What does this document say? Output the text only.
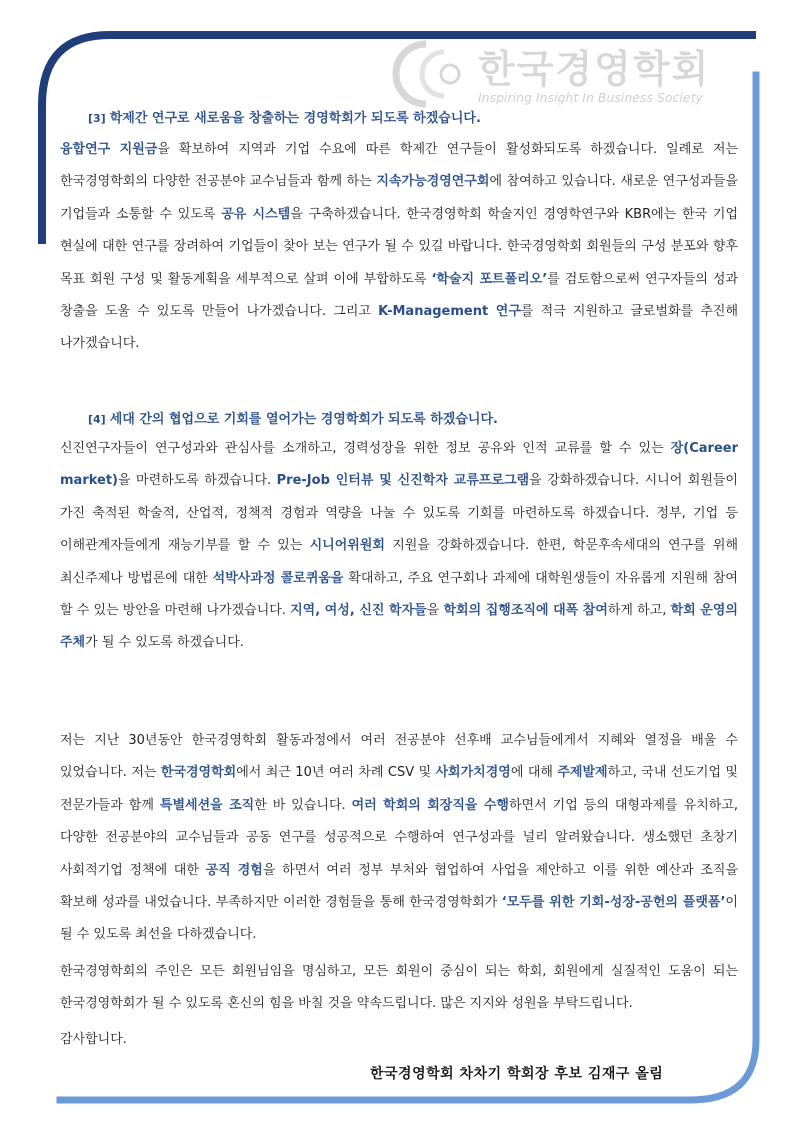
한국경영학회
Inspiring Insight In Business Society
[3] 학제간 연구로 새로움을 창출하는 경영학회가 되도록 하겠습니다.

융합연구 지원금을 확보하여 지역과 기업 수요에 따른 학제간 연구들이 활성화되도록 하겠습니다. 일례로 저는 한국경영학회의 다양한 전공분야 교수님들과 함께 하는 지속가능경영연구회에 참여하고 있습니다. 새로운 연구성과들을 기업들과 소통할 수 있도록 공유 시스템을 구축하겠습니다. 한국경영학회 학술지인 경영학연구와 KBR에는 한국 기업 현실에 대한 연구를 장려하여 기업들이 찾아 보는 연구가 될 수 있길 바랍니다. 한국경영학회 회원들의 구성 분포와 향후 목표 회원 구성 및 활동계획을 세부적으로 살펴 이에 부합하도록 ‘학술지 포트폴리오’를 검토함으로써 연구자들의 성과 창출을 도울 수 있도록 만들어 나가겠습니다. 그리고 K-Management 연구를 적극 지원하고 글로벌화를 추진해 나가겠습니다.

[4] 세대 간의 협업으로 기회를 열어가는 경영학회가 되도록 하겠습니다.

신진연구자들이 연구성과와 관심사를 소개하고, 경력성장을 위한 정보 공유와 인적 교류를 할 수 있는 장(Career market)을 마련하도록 하겠습니다. Pre-Job 인터뷰 및 신진학자 교류프로그램을 강화하겠습니다. 시니어 회원들이 가진 축적된 학술적, 산업적, 정책적 경험과 역량을 나눌 수 있도록 기회를 마련하도록 하겠습니다. 정부, 기업 등 이해관계자들에게 재능기부를 할 수 있는 시니어위원회 지원을 강화하겠습니다. 한편, 학문후속세대의 연구를 위해 최신주제나 방법론에 대한 석박사과정 콜로퀴움을 확대하고, 주요 연구회나 과제에 대학원생들이 자유롭게 지원해 참여 할 수 있는 방안을 마련해 나가겠습니다. 지역, 여성, 신진 학자들을 학회의 집행조직에 대폭 참여하게 하고, 학회 운영의 주체가 될 수 있도록 하겠습니다.

저는 지난 30년동안 한국경영학회 활동과정에서 여러 전공분야 선후배 교수님들에게서 지혜와 열정을 배울 수 있었습니다. 저는 한국경영학회에서 최근 10년 여러 차례 CSV 및 사회가치경영에 대해 주제발제하고, 국내 선도기업 및 전문가들과 함께 특별세션을 조직한 바 있습니다. 여러 학회의 회장직을 수행하면서 기업 등의 대형과제를 유치하고, 다양한 전공분야의 교수님들과 공동 연구를 성공적으로 수행하여 연구성과를 널리 알려왔습니다. 생소했던 초창기 사회적기업 정책에 대한 공직 경험을 하면서 여러 정부 부처와 협업하여 사업을 제안하고 이를 위한 예산과 조직을 확보해 성과를 내었습니다. 부족하지만 이러한 경험들을 통해 한국경영학회가 ‘모두를 위한 기회-성장-공헌의 플랫폼’이 될 수 있도록 최선을 다하겠습니다.

한국경영학회의 주인은 모든 회원님임을 명심하고, 모든 회원이 중심이 되는 학회, 회원에게 실질적인 도움이 되는 한국경영학회가 될 수 있도록 혼신의 힘을 바칠 것을 약속드립니다. 많은 지지와 성원을 부탁드립니다.

감사합니다.

한국경영학회 차차기 학회장 후보 김재구 올림
